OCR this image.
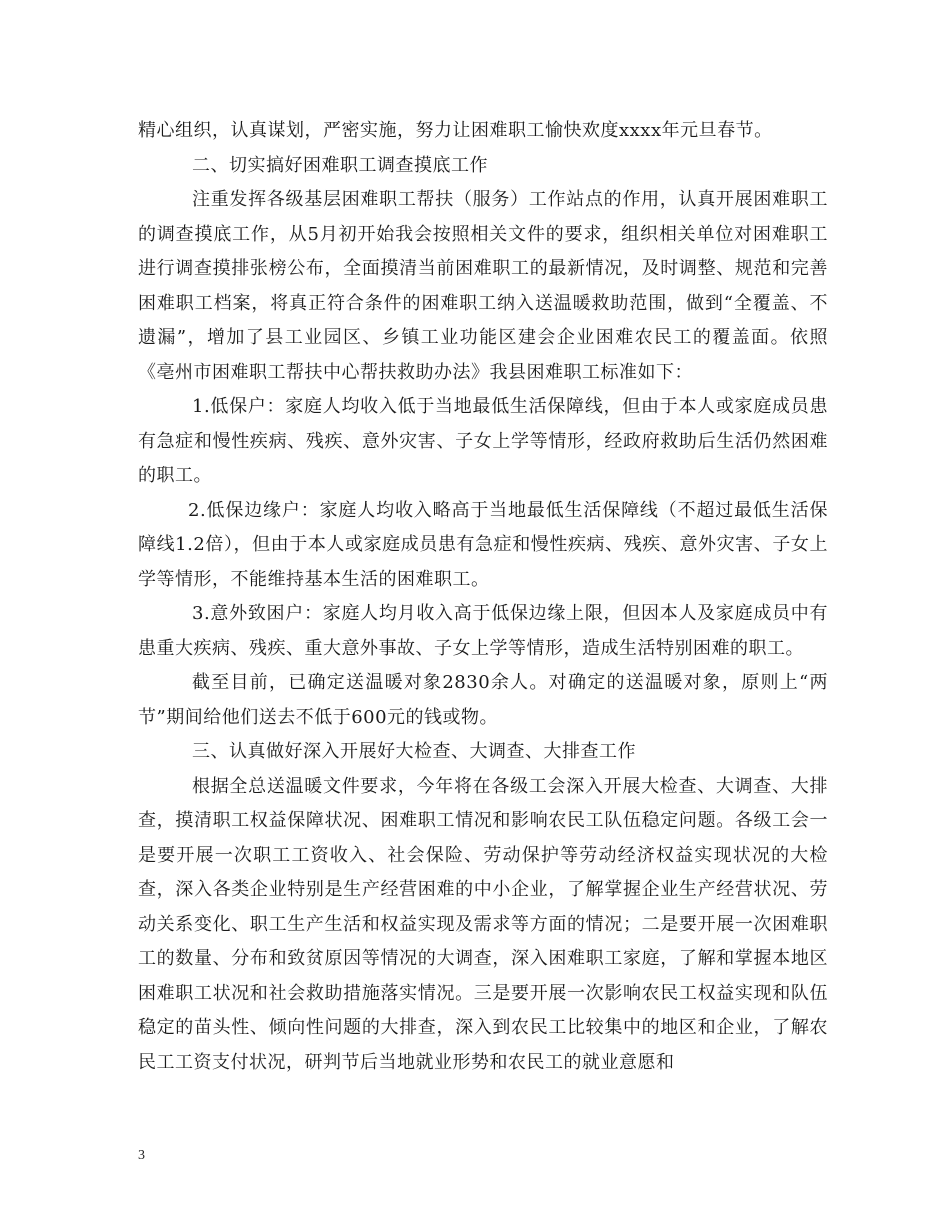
精心组织，认真谋划，严密实施，努力让困难职工愉快欢度xxxx年元旦春节。

二、切实搞好困难职工调查摸底工作

注重发挥各级基层困难职工帮扶（服务）工作站点的作用，认真开展困难职工的调查摸底工作，从5月初开始我会按照相关文件的要求，组织相关单位对困难职工进行调查摸排张榜公布，全面摸清当前困难职工的最新情况，及时调整、规范和完善困难职工档案，将真正符合条件的困难职工纳入送温暖救助范围，做到“全覆盖、不遗漏”，增加了县工业园区、乡镇工业功能区建会企业困难农民工的覆盖面。依照《亳州市困难职工帮扶中心帮扶救助办法》我县困难职工标准如下：

1.低保户：家庭人均收入低于当地最低生活保障线，但由于本人或家庭成员患有急症和慢性疾病、残疾、意外灾害、子女上学等情形，经政府救助后生活仍然困难的职工。

2.低保边缘户：家庭人均收入略高于当地最低生活保障线（不超过最低生活保障线1.2倍），但由于本人或家庭成员患有急症和慢性疾病、残疾、意外灾害、子女上学等情形，不能维持基本生活的困难职工。

3.意外致困户：家庭人均月收入高于低保边缘上限，但因本人及家庭成员中有患重大疾病、残疾、重大意外事故、子女上学等情形，造成生活特别困难的职工。

截至目前，已确定送温暖对象2830余人。对确定的送温暖对象，原则上“两节”期间给他们送去不低于600元的钱或物。

三、认真做好深入开展好大检查、大调查、大排查工作

根据全总送温暖文件要求，今年将在各级工会深入开展大检查、大调查、大排查，摸清职工权益保障状况、困难职工情况和影响农民工队伍稳定问题。各级工会一是要开展一次职工工资收入、社会保险、劳动保护等劳动经济权益实现状况的大检查，深入各类企业特别是生产经营困难的中小企业，了解掌握企业生产经营状况、劳动关系变化、职工生产生活和权益实现及需求等方面的情况；二是要开展一次困难职工的数量、分布和致贫原因等情况的大调查，深入困难职工家庭，了解和掌握本地区困难职工状况和社会救助措施落实情况。三是要开展一次影响农民工权益实现和队伍稳定的苗头性、倾向性问题的大排查，深入到农民工比较集中的地区和企业，了解农民工工资支付状况，研判节后当地就业形势和农民工的就业意愿和

3
